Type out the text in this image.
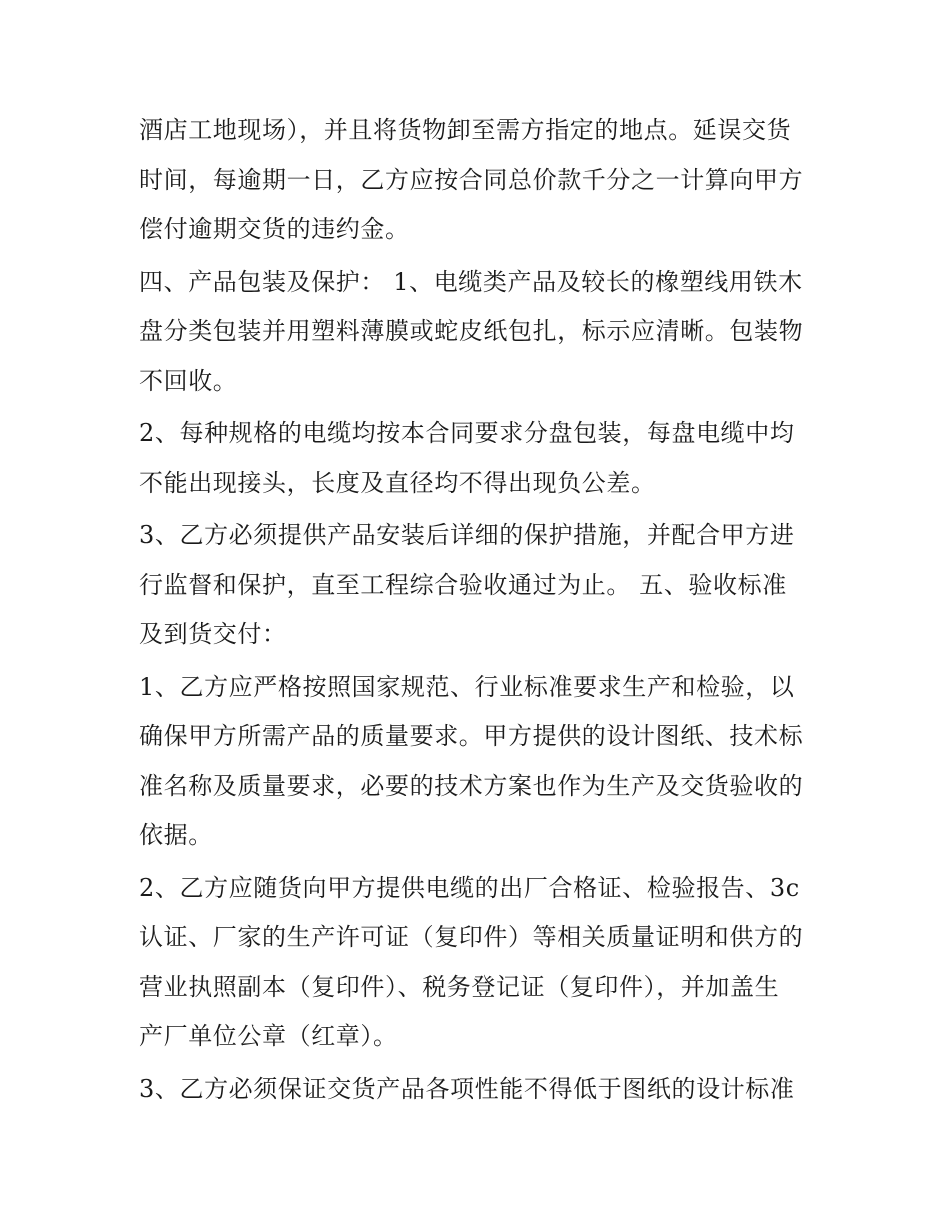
酒店工地现场），并且将货物卸至需方指定的地点。延误交货
时间，每逾期一日，乙方应按合同总价款千分之一计算向甲方
偿付逾期交货的违约金。
四、产品包装及保护： 1、电缆类产品及较长的橡塑线用铁木
盘分类包装并用塑料薄膜或蛇皮纸包扎，标示应清晰。包装物
不回收。
2、每种规格的电缆均按本合同要求分盘包装，每盘电缆中均
不能出现接头，长度及直径均不得出现负公差。
3、乙方必须提供产品安装后详细的保护措施，并配合甲方进
行监督和保护，直至工程综合验收通过为止。 五、验收标准
及到货交付：
1、乙方应严格按照国家规范、行业标准要求生产和检验，以
确保甲方所需产品的质量要求。甲方提供的设计图纸、技术标
准名称及质量要求，必要的技术方案也作为生产及交货验收的
依据。
2、乙方应随货向甲方提供电缆的出厂合格证、检验报告、3c
认证、厂家的生产许可证（复印件）等相关质量证明和供方的
营业执照副本（复印件）、税务登记证（复印件），并加盖生
产厂单位公章（红章）。
3、乙方必须保证交货产品各项性能不得低于图纸的设计标准
